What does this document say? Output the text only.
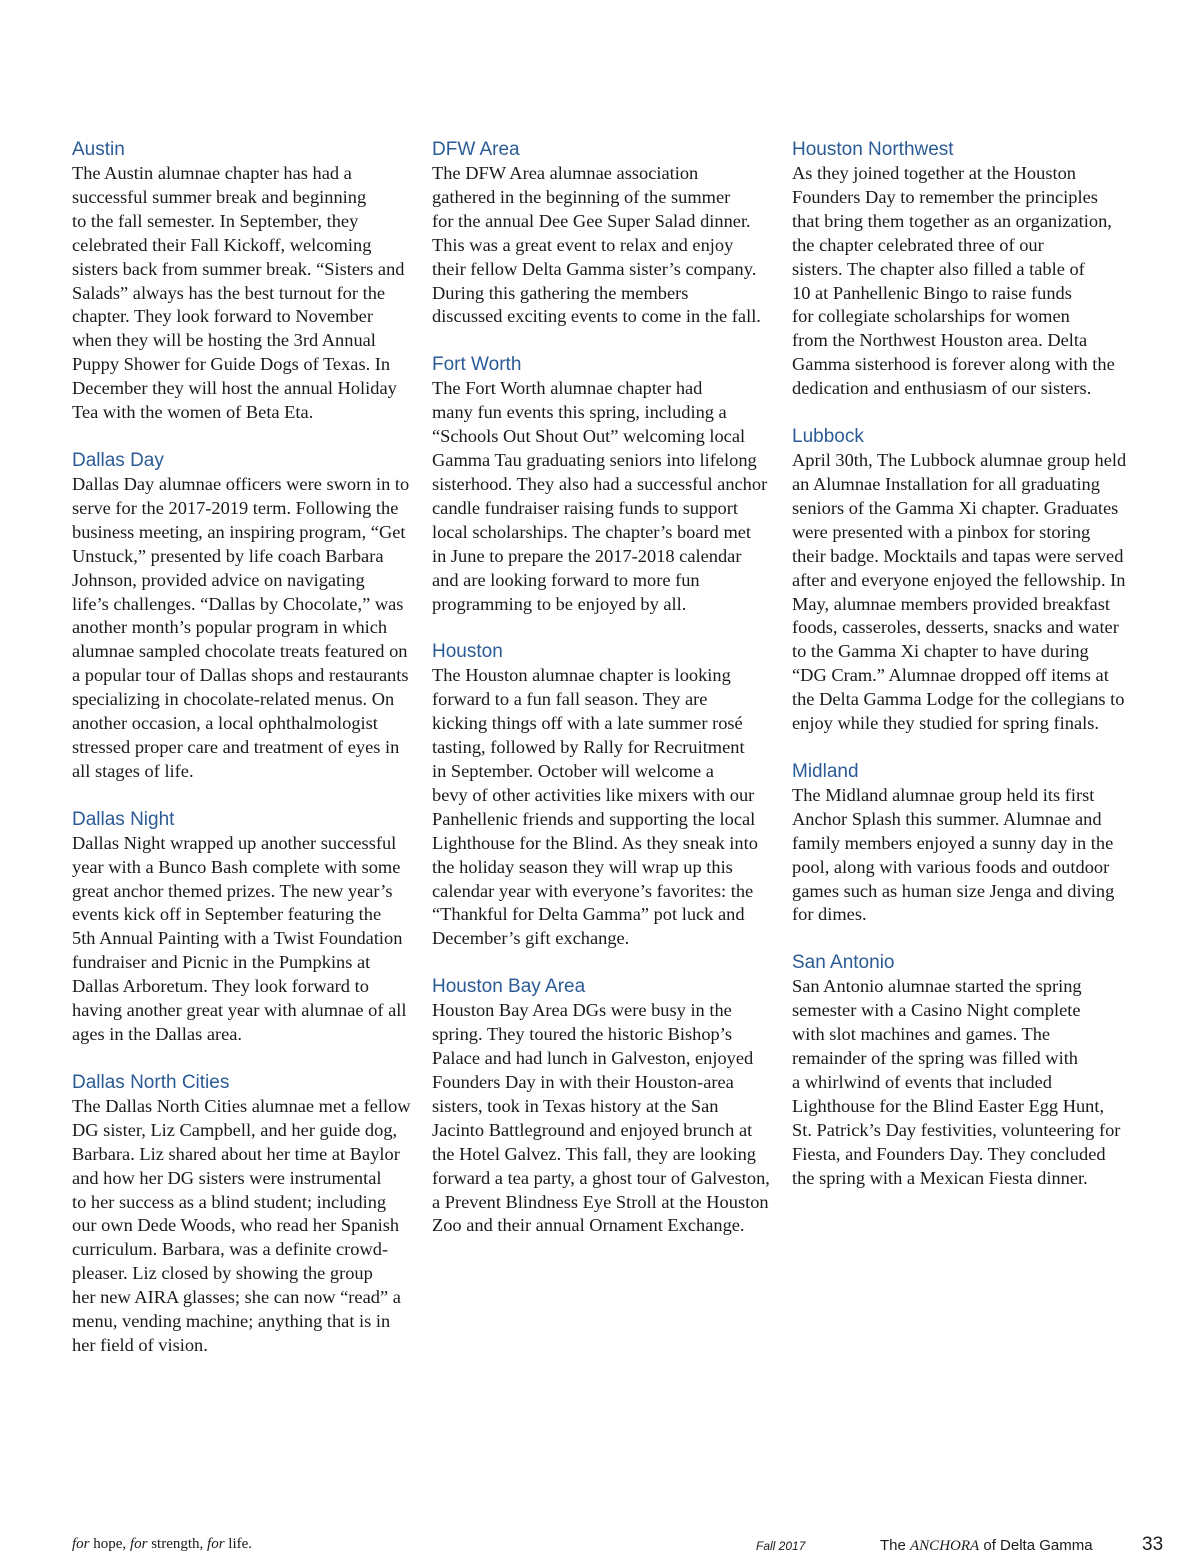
Austin

The Austin alumnae chapter has had a
successful summer break and beginning
to the fall semester. In September, they
celebrated their Fall Kickoff, welcoming
sisters back from summer break. “Sisters and
Salads” always has the best turnout for the
chapter. They look forward to November
when they will be hosting the 3rd Annual
Puppy Shower for Guide Dogs of Texas. In
December they will host the annual Holiday
Tea with the women of Beta Eta.

Dallas Day

Dallas Day alumnae officers were sworn in to
serve for the 2017-2019 term. Following the
business meeting, an inspiring program, “Get
Unstuck,” presented by life coach Barbara
Johnson, provided advice on navigating
life’s challenges. “Dallas by Chocolate,” was
another month’s popular program in which
alumnae sampled chocolate treats featured on
a popular tour of Dallas shops and restaurants
specializing in chocolate-related menus. On
another occasion, a local ophthalmologist
stressed proper care and treatment of eyes in
all stages of life.

Dallas Night

Dallas Night wrapped up another successful
year with a Bunco Bash complete with some
great anchor themed prizes. The new year’s
events kick off in September featuring the
5th Annual Painting with a Twist Foundation
fundraiser and Picnic in the Pumpkins at
Dallas Arboretum. They look forward to
having another great year with alumnae of all
ages in the Dallas area.

Dallas North Cities

The Dallas North Cities alumnae met a fellow
DG sister, Liz Campbell, and her guide dog,
Barbara. Liz shared about her time at Baylor
and how her DG sisters were instrumental
to her success as a blind student; including
our own Dede Woods, who read her Spanish
curriculum. Barbara, was a definite crowd-
pleaser. Liz closed by showing the group
her new AIRA glasses; she can now “read” a
menu, vending machine; anything that is in
her field of vision.

DFW Area

The DFW Area alumnae association
gathered in the beginning of the summer
for the annual Dee Gee Super Salad dinner.
This was a great event to relax and enjoy
their fellow Delta Gamma sister’s company.
During this gathering the members
discussed exciting events to come in the fall.

Fort Worth

The Fort Worth alumnae chapter had
many fun events this spring, including a
“Schools Out Shout Out” welcoming local
Gamma Tau graduating seniors into lifelong
sisterhood. They also had a successful anchor
candle fundraiser raising funds to support
local scholarships. The chapter’s board met
in June to prepare the 2017-2018 calendar
and are looking forward to more fun
programming to be enjoyed by all.

Houston

The Houston alumnae chapter is looking
forward to a fun fall season. They are
kicking things off with a late summer rosé
tasting, followed by Rally for Recruitment
in September. October will welcome a
bevy of other activities like mixers with our
Panhellenic friends and supporting the local
Lighthouse for the Blind. As they sneak into
the holiday season they will wrap up this
calendar year with everyone’s favorites: the
“Thankful for Delta Gamma” pot luck and
December’s gift exchange.

Houston Bay Area

Houston Bay Area DGs were busy in the
spring. They toured the historic Bishop’s
Palace and had lunch in Galveston, enjoyed
Founders Day in with their Houston-area
sisters, took in Texas history at the San
Jacinto Battleground and enjoyed brunch at
the Hotel Galvez. This fall, they are looking
forward a tea party, a ghost tour of Galveston,
a Prevent Blindness Eye Stroll at the Houston
Zoo and their annual Ornament Exchange.

Houston Northwest

As they joined together at the Houston
Founders Day to remember the principles
that bring them together as an organization,
the chapter celebrated three of our
sisters. The chapter also filled a table of
10 at Panhellenic Bingo to raise funds
for collegiate scholarships for women
from the Northwest Houston area. Delta
Gamma sisterhood is forever along with the
dedication and enthusiasm of our sisters.

Lubbock

April 30th, The Lubbock alumnae group held
an Alumnae Installation for all graduating
seniors of the Gamma Xi chapter. Graduates
were presented with a pinbox for storing
their badge. Mocktails and tapas were served
after and everyone enjoyed the fellowship. In
May, alumnae members provided breakfast
foods, casseroles, desserts, snacks and water
to the Gamma Xi chapter to have during
“DG Cram.” Alumnae dropped off items at
the Delta Gamma Lodge for the collegians to
enjoy while they studied for spring finals.

Midland

The Midland alumnae group held its first
Anchor Splash this summer. Alumnae and
family members enjoyed a sunny day in the
pool, along with various foods and outdoor
games such as human size Jenga and diving
for dimes.

San Antonio

San Antonio alumnae started the spring
semester with a Casino Night complete
with slot machines and games. The
remainder of the spring was filled with
a whirlwind of events that included
Lighthouse for the Blind Easter Egg Hunt,
St. Patrick’s Day festivities, volunteering for
Fiesta, and Founders Day. They concluded
the spring with a Mexican Fiesta dinner.

for hope, for strength, for life.	Fall 2017	The ANCHORA of Delta Gamma	33
